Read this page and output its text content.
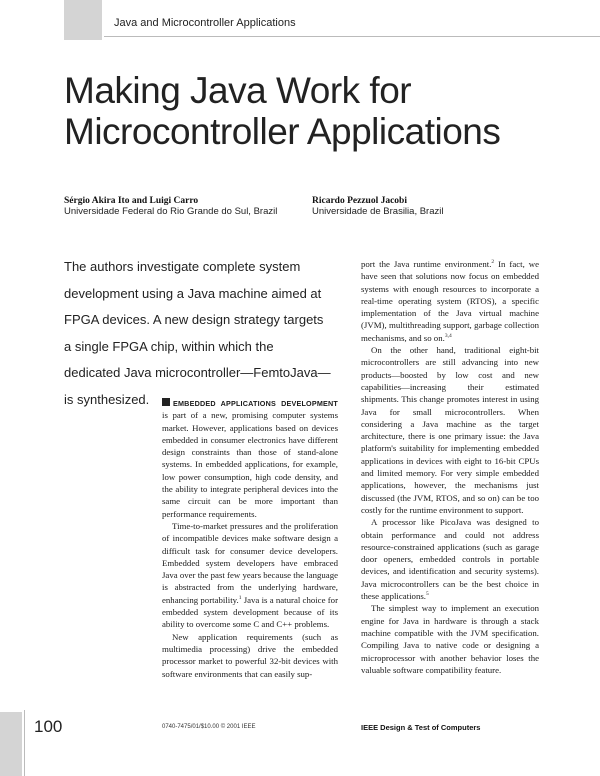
Java and Microcontroller Applications
Making Java Work for Microcontroller Applications
Sérgio Akira Ito and Luigi Carro
Universidade Federal do Rio Grande do Sul, Brazil
Ricardo Pezzuol Jacobi
Universidade de Brasilia, Brazil
The authors investigate complete system development using a Java machine aimed at FPGA devices. A new design strategy targets a single FPGA chip, within which the dedicated Java microcontroller—FemtoJava—is synthesized.	EMBEDDED APPLICATIONS DEVELOPMENT is part of a new, promising computer systems market. However, applications based on devices embedded in consumer electronics have different design constraints than those of stand-alone systems. In embedded applications, for example, low power consumption, high code density, and the ability to integrate peripheral devices into the same circuit can be more important than performance requirements.

Time-to-market pressures and the proliferation of incompatible devices make software design a difficult task for consumer device developers. Embedded system developers have embraced Java over the past few years because the language is abstracted from the underlying hardware, enhancing portability.$^1$ Java is a natural choice for embedded system development because of its ability to overcome some C and C++ problems.

New application requirements (such as multimedia processing) drive the embedded processor market to powerful 32-bit devices with software environments that can easily sup-

port the Java runtime environment.$^2$ In fact, we have seen that solutions now focus on embedded systems with enough resources to incorporate a real-time operating system (RTOS), a specific implementation of the Java virtual machine (JVM), multithreading support, garbage collection mechanisms, and so on.$^{3,4}$

On the other hand, traditional eight-bit microcontrollers are still advancing into new products—boosted by low cost and new capabilities—increasing their estimated shipments. This change promotes interest in using Java for small microcontrollers. When considering a Java machine as the target architecture, there is one primary issue: the Java platform's suitability for implementing embedded applications in devices with eight to 16-bit CPUs and limited memory. For very simple embedded applications, however, the mechanisms just discussed (the JVM, RTOS, and so on) can be too costly for the runtime environment to support.

A processor like PicoJava was designed to obtain performance and could not address resource-constrained applications (such as garage door openers, embedded controls in portable devices, and identification and security systems). Java microcontrollers can be the best choice in these applications.$^5$

The simplest way to implement an execution engine for Java in hardware is through a stack machine compatible with the JVM specification. Compiling Java to native code or designing a microprocessor with another behavior loses the valuable software compatibility feature.

100	0740-7475/01/$10.00 © 2001 IEEE	IEEE Design & Test of Computers
